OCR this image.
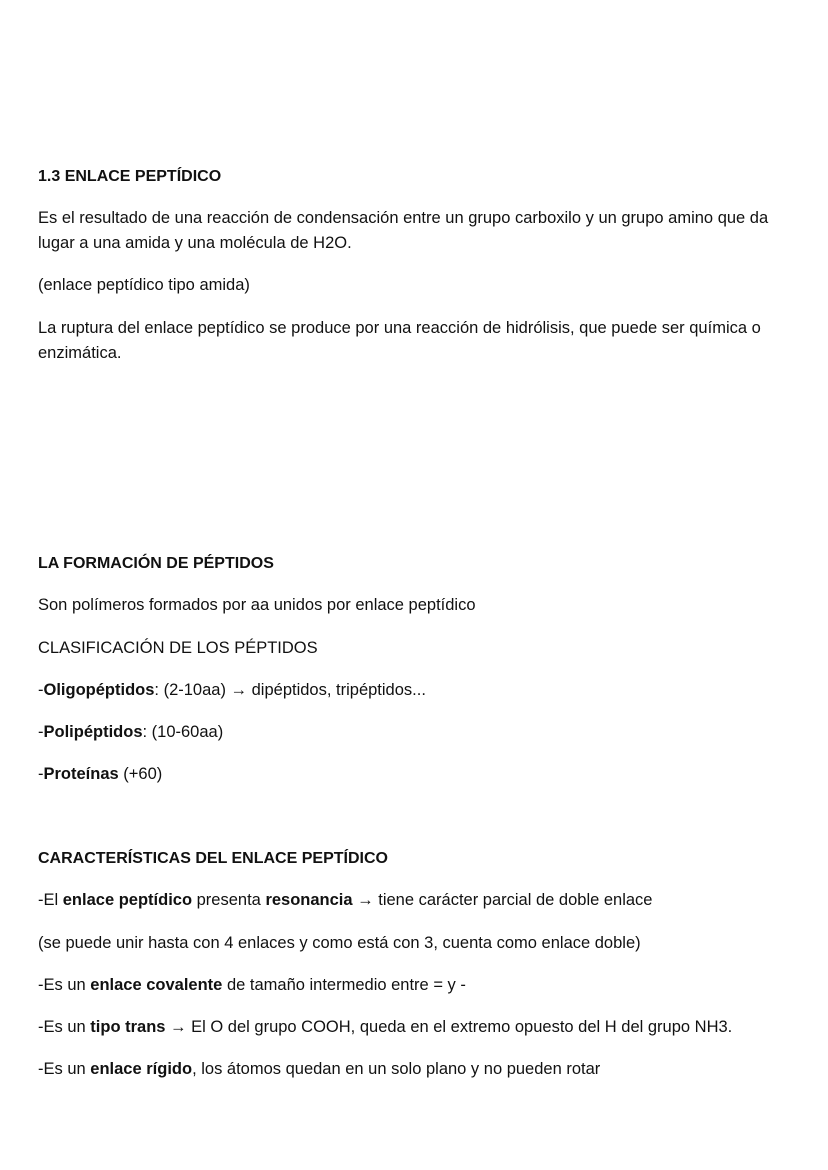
1.3 ENLACE PEPTÍDICO

Es el resultado de una reacción de condensación entre un grupo carboxilo y un grupo amino que da lugar a una amida y una molécula de H2O.

(enlace peptídico tipo amida)

La ruptura del enlace peptídico se produce por una reacción de hidrólisis, que puede ser química o enzimática.

LA FORMACIÓN DE PÉPTIDOS

Son polímeros formados por aa unidos por enlace peptídico

CLASIFICACIÓN DE LOS PÉPTIDOS

-Oligopéptidos: (2-10aa) → dipéptidos, tripéptidos...

-Polipéptidos: (10-60aa)

-Proteínas (+60)

CARACTERÍSTICAS DEL ENLACE PEPTÍDICO

-El enlace peptídico presenta resonancia → tiene carácter parcial de doble enlace

(se puede unir hasta con 4 enlaces y como está con 3, cuenta como enlace doble)

-Es un enlace covalente de tamaño intermedio entre = y -

-Es un tipo trans → El O del grupo COOH, queda en el extremo opuesto del H del grupo NH3.

-Es un enlace rígido, los átomos quedan en un solo plano y no pueden rotar
